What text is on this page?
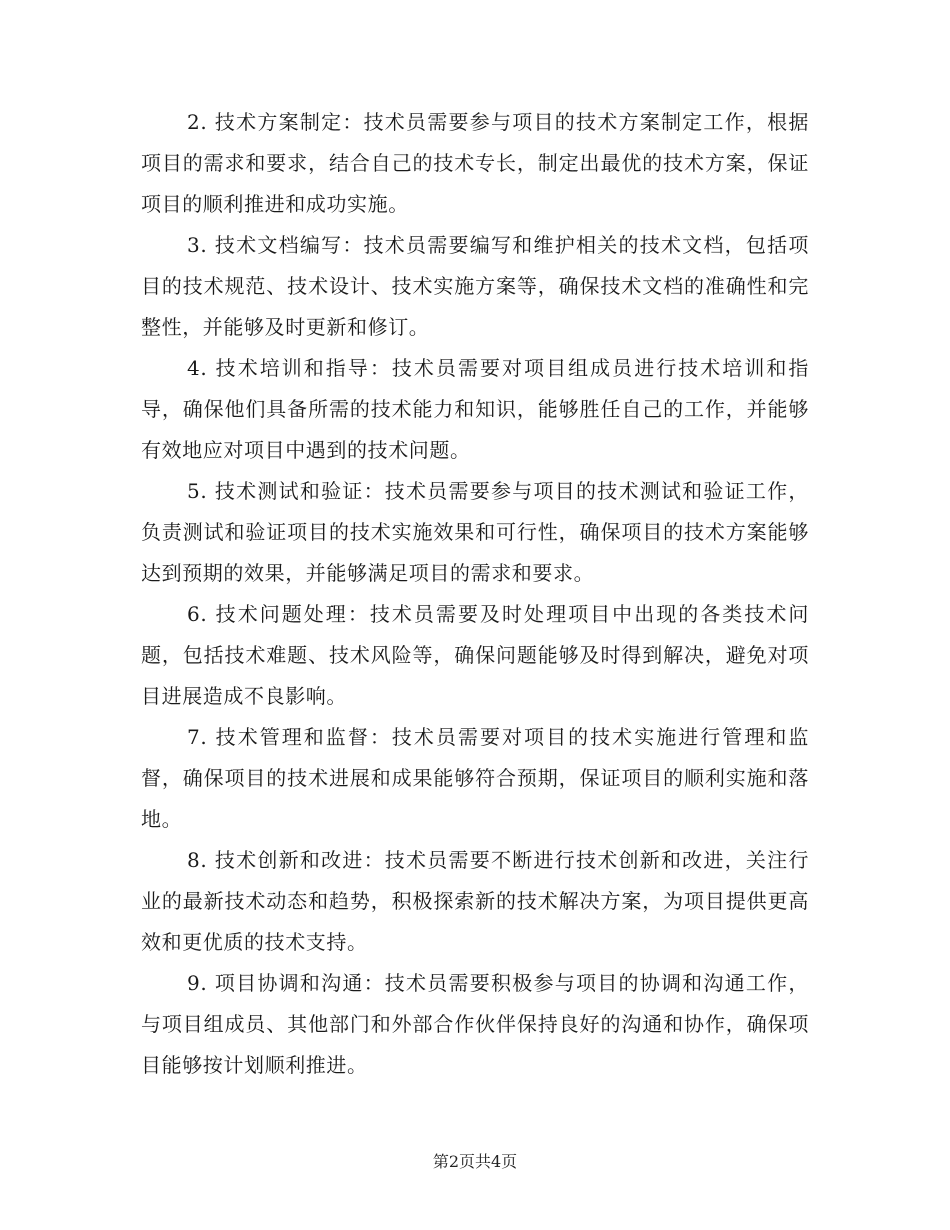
2. 技术方案制定：技术员需要参与项目的技术方案制定工作，根据项目的需求和要求，结合自己的技术专长，制定出最优的技术方案，保证项目的顺利推进和成功实施。

3. 技术文档编写：技术员需要编写和维护相关的技术文档，包括项目的技术规范、技术设计、技术实施方案等，确保技术文档的准确性和完整性，并能够及时更新和修订。

4. 技术培训和指导：技术员需要对项目组成员进行技术培训和指导，确保他们具备所需的技术能力和知识，能够胜任自己的工作，并能够有效地应对项目中遇到的技术问题。

5. 技术测试和验证：技术员需要参与项目的技术测试和验证工作，负责测试和验证项目的技术实施效果和可行性，确保项目的技术方案能够达到预期的效果，并能够满足项目的需求和要求。

6. 技术问题处理：技术员需要及时处理项目中出现的各类技术问题，包括技术难题、技术风险等，确保问题能够及时得到解决，避免对项目进展造成不良影响。

7. 技术管理和监督：技术员需要对项目的技术实施进行管理和监督，确保项目的技术进展和成果能够符合预期，保证项目的顺利实施和落地。

8. 技术创新和改进：技术员需要不断进行技术创新和改进，关注行业的最新技术动态和趋势，积极探索新的技术解决方案，为项目提供更高效和更优质的技术支持。

9. 项目协调和沟通：技术员需要积极参与项目的协调和沟通工作，与项目组成员、其他部门和外部合作伙伴保持良好的沟通和协作，确保项目能够按计划顺利推进。

第2页共4页
